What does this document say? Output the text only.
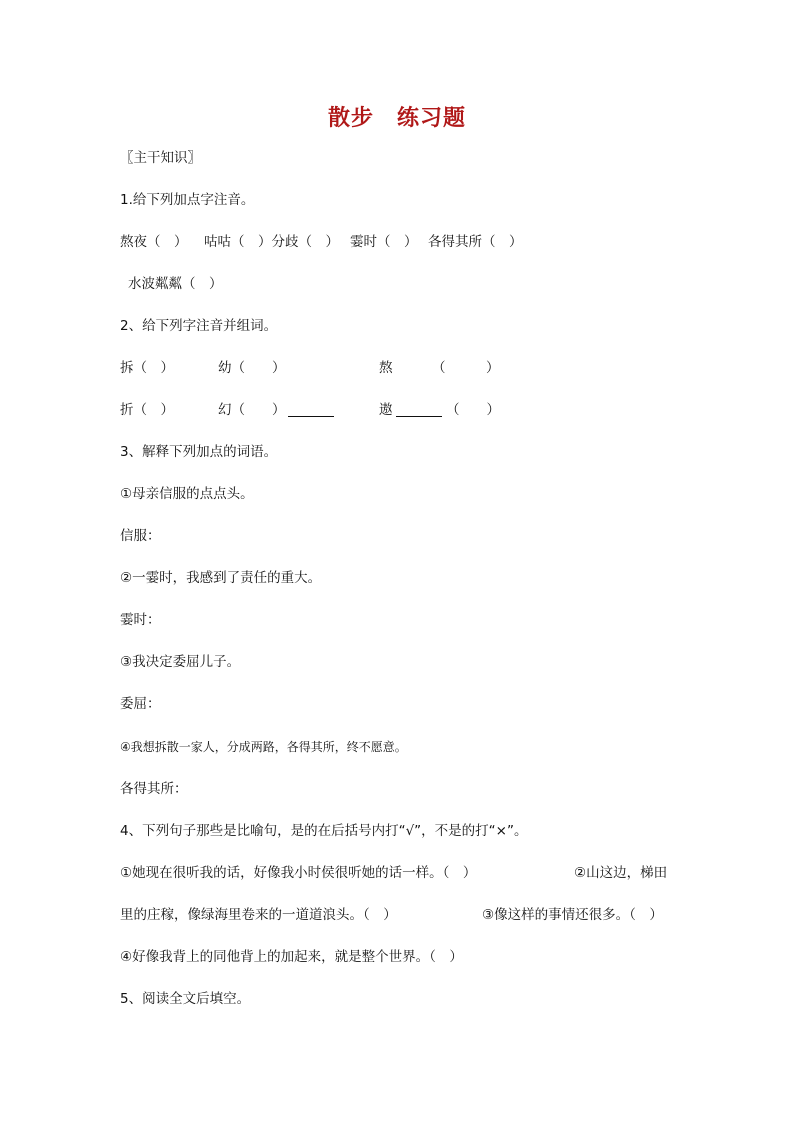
散步　练习题
〖主干知识〗
1.给下列加点字注音。
熬夜（　） 咕咕（　）分歧（　） 霎时（　） 各得其所（　）
水波粼粼（　）
2、给下列字注音并组词。
拆（　）	幼（　　）	熬	（　　　）
折（　）	幻（　　）	遨	（　　）
3、解释下列加点的词语。
①母亲信服的点点头。
信服：
②一霎时，我感到了责任的重大。
霎时：
③我决定委屈儿子。
委屈：
④我想拆散一家人，分成两路，各得其所，终不愿意。
各得其所：
4、下列句子那些是比喻句，是的在后括号内打“√”，不是的打“×”。
①她现在很听我的话，好像我小时侯很听她的话一样。（　）	②山这边，梯田
里的庄稼，像绿海里卷来的一道道浪头。（　）	③像这样的事情还很多。（　）
④好像我背上的同他背上的加起来，就是整个世界。（　）
5、阅读全文后填空。
